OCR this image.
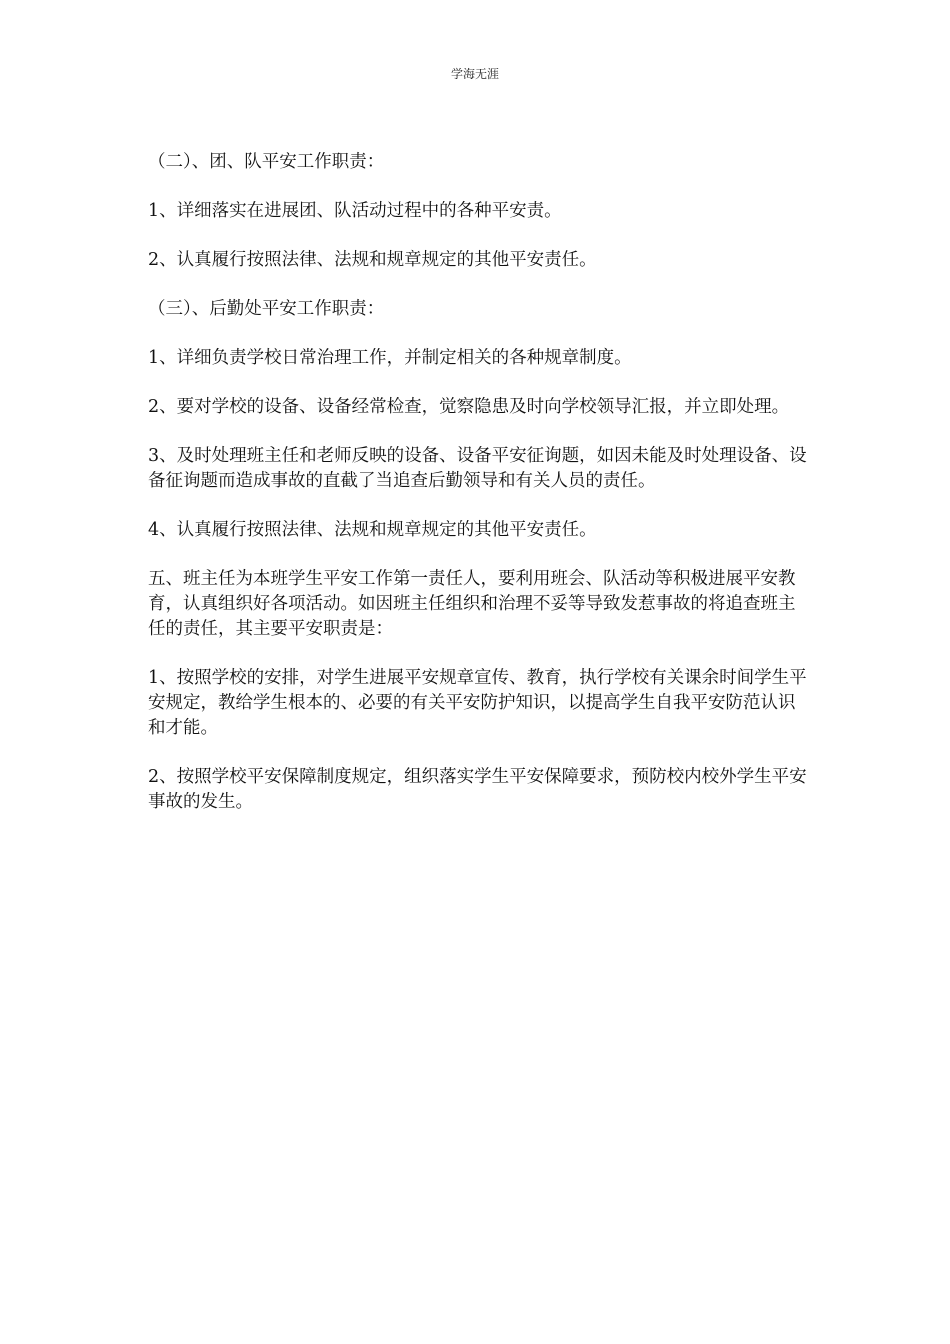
学海无涯

（二）、团、队平安工作职责：

1、详细落实在进展团、队活动过程中的各种平安责。

2、认真履行按照法律、法规和规章规定的其他平安责任。

（三）、后勤处平安工作职责：

1、详细负责学校日常治理工作，并制定相关的各种规章制度。

2、要对学校的设备、设备经常检查，觉察隐患及时向学校领导汇报，并立即处理。

3、及时处理班主任和老师反映的设备、设备平安征询题，如因未能及时处理设备、设备征询题而造成事故的直截了当追查后勤领导和有关人员的责任。

4、认真履行按照法律、法规和规章规定的其他平安责任。

五、班主任为本班学生平安工作第一责任人，要利用班会、队活动等积极进展平安教育，认真组织好各项活动。如因班主任组织和治理不妥等导致发惹事故的将追查班主任的责任，其主要平安职责是：

1、按照学校的安排，对学生进展平安规章宣传、教育，执行学校有关课余时间学生平安规定，教给学生根本的、必要的有关平安防护知识，以提高学生自我平安防范认识和才能。

2、按照学校平安保障制度规定，组织落实学生平安保障要求，预防校内校外学生平安事故的发生。
